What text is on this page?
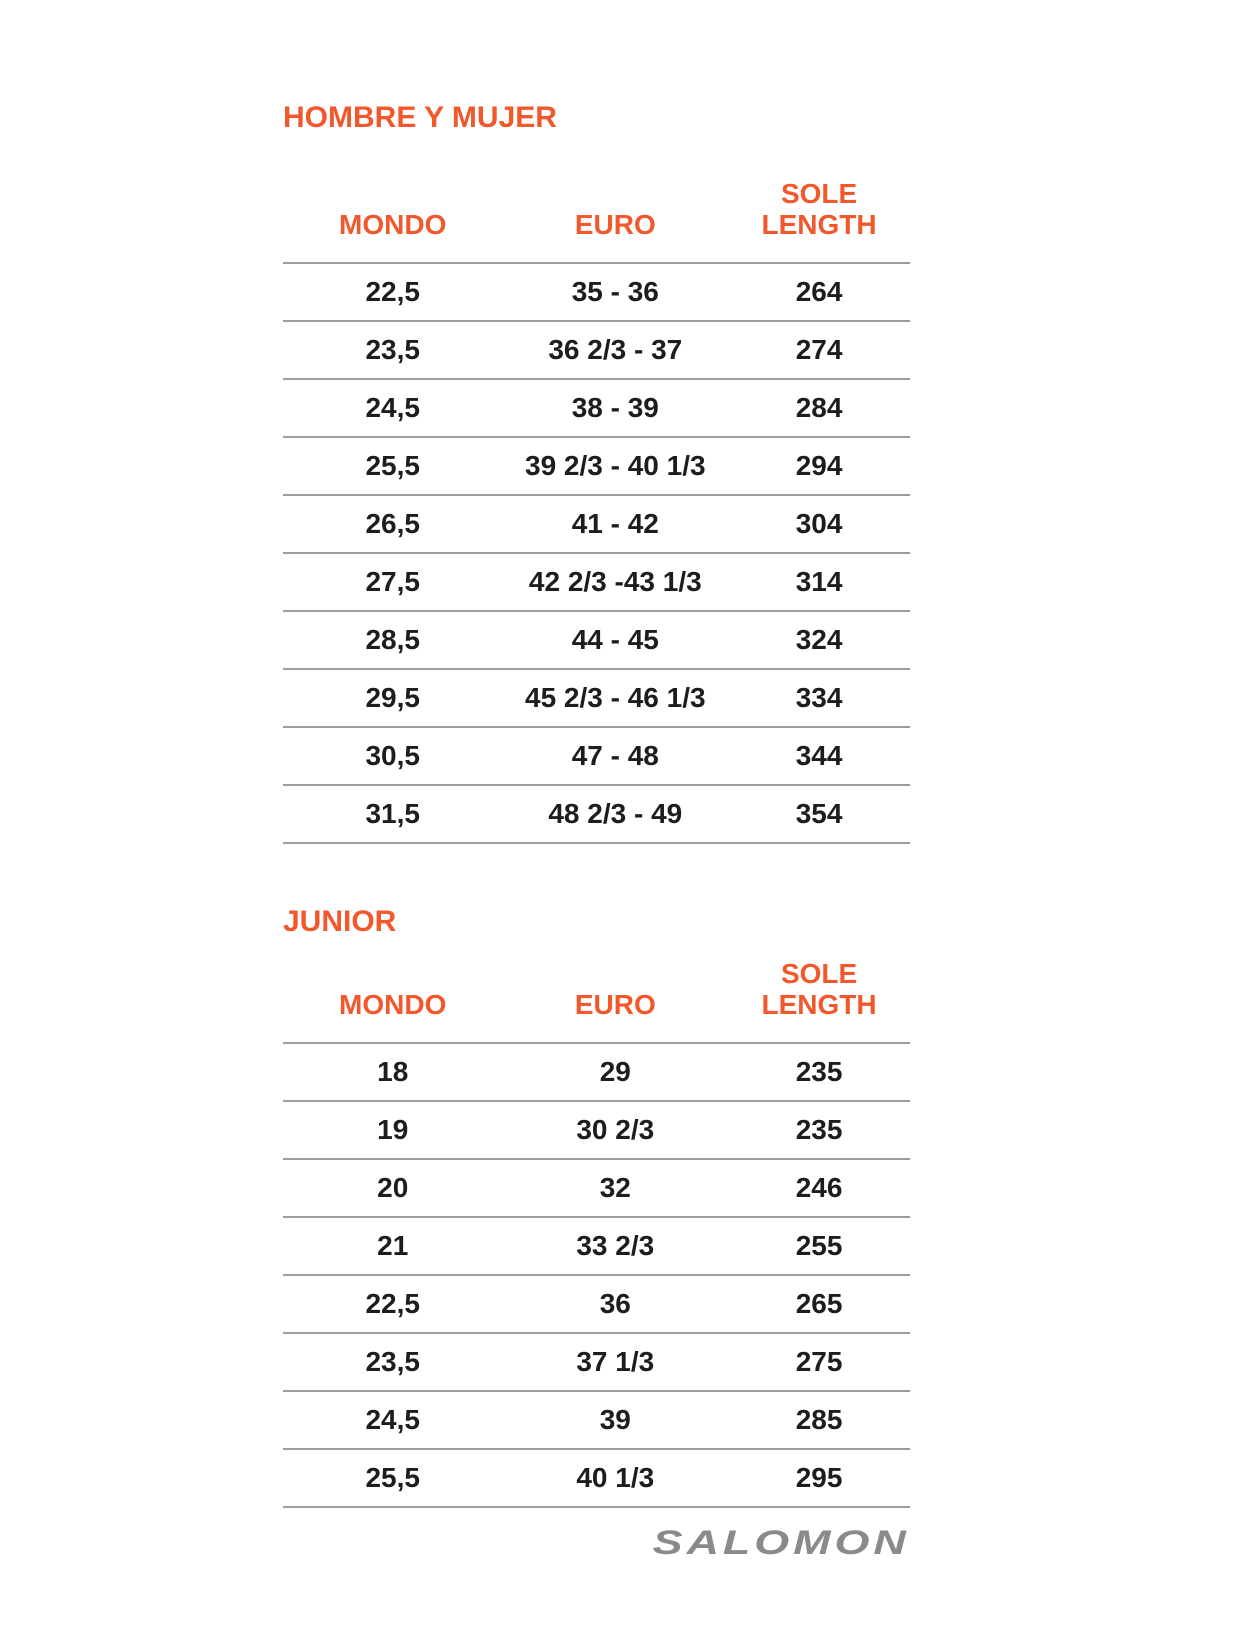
HOMBRE Y MUJER
MONDO	EURO	SOLE LENGTH
22,5	35 - 36	264
23,5	36 2/3 - 37	274
24,5	38 - 39	284
25,5	39 2/3 - 40 1/3	294
26,5	41 - 42	304
27,5	42 2/3 -43 1/3	314
28,5	44 - 45	324
29,5	45 2/3 - 46 1/3	334
30,5	47 - 48	344
31,5	48 2/3 - 49	354
JUNIOR
MONDO	EURO	SOLE LENGTH
18	29	235
19	30 2/3	235
20	32	246
21	33 2/3	255
22,5	36	265
23,5	37 1/3	275
24,5	39	285
25,5	40 1/3	295
SALOMON
